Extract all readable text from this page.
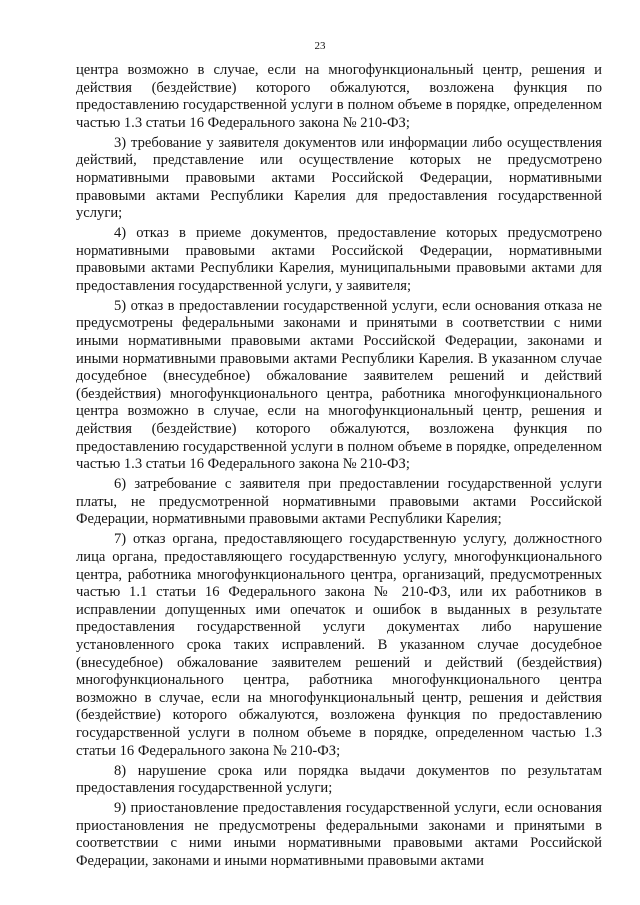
23

центра возможно в случае, если на многофункциональный центр, решения и действия (бездействие) которого обжалуются, возложена функция по предоставлению государственной услуги в полном объеме в порядке, определенном частью 1.3 статьи 16 Федерального закона № 210-ФЗ;

3) требование у заявителя документов или информации либо осуществления действий, представление или осуществление которых не предусмотрено нормативными правовыми актами Российской Федерации, нормативными правовыми актами Республики Карелия для предоставления государственной услуги;

4) отказ в приеме документов, предоставление которых предусмотрено нормативными правовыми актами Российской Федерации, нормативными правовыми актами Республики Карелия, муниципальными правовыми актами для предоставления государственной услуги, у заявителя;

5) отказ в предоставлении государственной услуги, если основания отказа не предусмотрены федеральными законами и принятыми в соответствии с ними иными нормативными правовыми актами Российской Федерации, законами и иными нормативными правовыми актами Республики Карелия. В указанном случае досудебное (внесудебное) обжалование заявителем решений и действий (бездействия) многофункционального центра, работника многофункционального центра возможно в случае, если на многофункциональный центр, решения и действия (бездействие) которого обжалуются, возложена функция по предоставлению государственной услуги в полном объеме в порядке, определенном частью 1.3 статьи 16 Федерального закона № 210-ФЗ;

6) затребование с заявителя при предоставлении государственной услуги платы, не предусмотренной нормативными правовыми актами Российской Федерации, нормативными правовыми актами Республики Карелия;

7) отказ органа, предоставляющего государственную услугу, должностного лица органа, предоставляющего государственную услугу, многофункционального центра, работника многофункционального центра, организаций, предусмотренных частью 1.1 статьи 16 Федерального закона № 210-ФЗ, или их работников в исправлении допущенных ими опечаток и ошибок в выданных в результате предоставления государственной услуги документах либо нарушение установленного срока таких исправлений. В указанном случае досудебное (внесудебное) обжалование заявителем решений и действий (бездействия) многофункционального центра, работника многофункционального центра возможно в случае, если на многофункциональный центр, решения и действия (бездействие) которого обжалуются, возложена функция по предоставлению государственной услуги в полном объеме в порядке, определенном частью 1.3 статьи 16 Федерального закона № 210-ФЗ;

8) нарушение срока или порядка выдачи документов по результатам предоставления государственной услуги;

9) приостановление предоставления государственной услуги, если основания приостановления не предусмотрены федеральными законами и принятыми в соответствии с ними иными нормативными правовыми актами Российской Федерации, законами и иными нормативными правовыми актами
